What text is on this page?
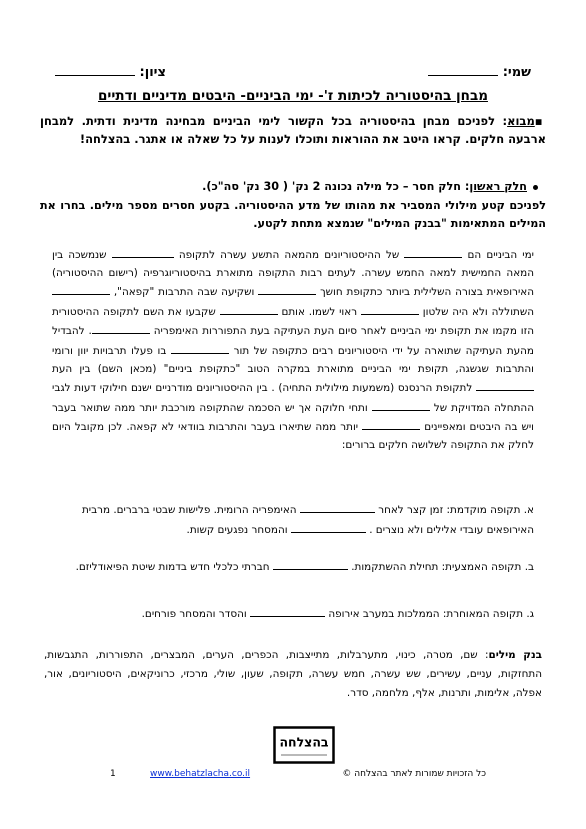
שמי:
ציון:
מבחן בהיסטוריה לכיתות ז'- ימי הביניים- היבטים מדיניים ודתיים
▪מבוא: לפניכם מבחן בהיסטוריה בכל הקשור לימי הביניים מבחינה מדינית ודתית. למבחן ארבעה חלקים. קראו היטב את ההוראות ותוכלו לענות על כל שאלה או אתגר. בהצלחה!
חלק ראשון: חלק חסר – כל מילה נכונה 2 נק' ( 30 נק' סה"כ).
לפניכם קטע מילולי המסביר את מהותו של מדע ההיסטוריה. בקטע חסרים מספר מילים. בחרו את המילים המתאימות "בבנק המילים" שנמצא מתחת לקטע.
ימי הביניים הם  של ההיסטוריונים מהמאה התשע עשרה לתקופה  שנמשכה בין המאה החמישית למאה החמש עשרה. לעתים רבות התקופה מתוארת בהיסטוריוגרפיה (רישום ההיסטוריה) האירופאית בצורה השלילית ביותר כתקופת חושך  ושקיעה שבה התרבות "קפאה",  השתוללה ולא היה שלטון  ראוי לשמו. אותם  שקבעו את השם לתקופה ההיסטורית הזו מקמו את תקופת ימי הביניים לאחר סיום העת העתיקה בעת התפוררות האימפריה . להבדיל מהעת העתיקה שתוארה על ידי היסטוריונים רבים כתקופה של תור  בו פעלו תרבויות יוון ורומי והתרבות שגשגה, תקופת ימי הביניים מתוארת במקרה הטוב "כתקופת ביניים" (מכאן השם) בין העת  לתקופת הרנסנס (משמעות מילולית התחיה) . בין ההיסטוריונים מודרניים ישנם חילוקי דעות לגבי ההתחלה המדויקת של  ותחי חלוקה אך יש הסכמה שהתקופה מורכבת יותר ממה שתואר בעבר ויש בה היבטים ומאפיינים  יותר ממה שתיארו בעבר והתרבות בוודאי לא קפאה. לכן מקובל היום לחלק את התקופה לשלושה חלקים ברורים:
א. תקופה מוקדמת: זמן קצר לאחר  האימפריה הרומית. פלישות שבטי ברברים. מרבית האירופאים עובדי אלילים ולא נוצרים .  והמסחר נפגעים קשות.
ב. תקופה האמצעית: תחילת ההשתקמות.  חברתי כלכלי חדש בדמות שיטת הפיאודליזם.
ג. תקופה המאוחרת: הממלכות במערב אירופה  והסדר והמסחר פורחים.
בנק מילים: שם, מטרה, כינוי, מתערבלות, מתייצבות, הכפרים, הערים, המבצרים, התפוררות, התגבשות, התחזקות, עניים, עשירים, שש עשרה, חמש עשרה, תקופה, שעון, שולי, מרכזי, כרוניקאים, היסטוריונים, אור, אפלה, אלימות, ותרנות, אלף, מלחמה, סדר.
בהצלחה
כל הזכויות שמורות לאתר בהצלחה ©
www.behatzlacha.co.il
1
